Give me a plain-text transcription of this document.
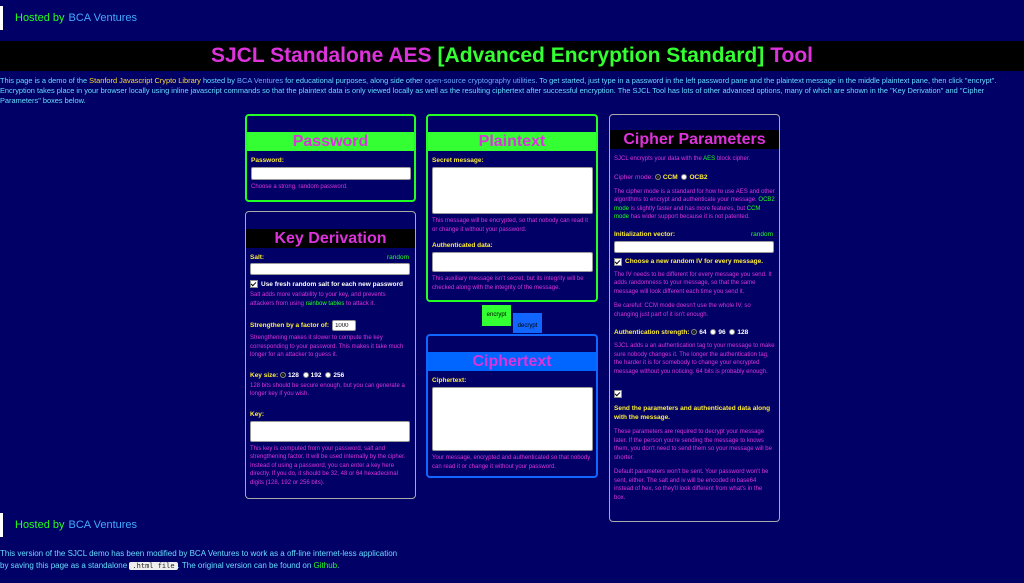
Hosted by BCA Ventures
SJCL Standalone AES [Advanced Encryption Standard] Tool
This page is a demo of the Stanford Javascript Crypto Library hosted by BCA Ventures for educational purposes, along side other open-source cryptography utilities. To get started, just type in a password in the left password pane and the plaintext message in the middle plaintext pane, then click "encrypt". Encryption takes place in your browser locally using inline javascript commands so that the plaintext data is only viewed locally as well as the resulting ciphertext after successful encryption. The SJCL Tool has lots of other advanced options, many of which are shown in the "Key Derivation" and "Cipher Parameters" boxes below.
Password
Password:
Choose a strong, random password.
Key Derivation
Salt:	random
Use fresh random salt for each new password
Salt adds more variability to your key, and prevents attackers from using rainbow tables to attack it.
Strengthen by a factor of:
1000
Strengthening makes it slower to compute the key corresponding to your password. This makes it take much longer for an attacker to guess it.
Key size: 128 192 256
128 bits should be secure enough, but you can generate a longer key if you wish.
Key:
This key is computed from your password, salt and strengthening factor. It will be used internally by the cipher. Instead of using a password, you can enter a key here directly. If you do, it should be 32, 48 or 64 hexadecimal digits (128, 192 or 256 bits).
Plaintext
Secret message:
This message will be encrypted, so that nobody can read it or change it without your password.
Authenticated data:
This auxiliary message isn't secret, but its integrity will be checked along with the integrity of the message.
encrypt
decrypt
Ciphertext
Ciphertext:
Your message, encrypted and authenticated so that nobody can read it or change it without your password.
Cipher Parameters
SJCL encrypts your data with the AES block cipher.
Cipher mode: CCM OCB2
The cipher mode is a standard for how to use AES and other algorithms to encrypt and authenticate your message. OCB2 mode is slightly faster and has more features, but CCM mode has wider support because it is not patented.
Initialization vector:	random
Choose a new random IV for every message.
The IV needs to be different for every message you send. It adds randomness to your message, so that the same message will look different each time you send it.
Be careful: CCM mode doesn't use the whole IV, so changing just part of it isn't enough.
Authentication strength: 64 96 128
SJCL adds a an authentication tag to your message to make sure nobody changes it. The longer the authentication tag, the harder it is for somebody to change your encrypted message without you noticing. 64 bits is probably enough.
Send the parameters and authenticated data along with the message.
These parameters are required to decrypt your message later. If the person you're sending the message to knows them, you don't need to send them so your message will be shorter.
Default parameters won't be sent. Your password won't be sent, either. The salt and iv will be encoded in base64 instead of hex, so they'll look different from what's in the box.
Hosted by BCA Ventures
This version of the SJCL demo has been modified by BCA Ventures to work as a off-line internet-less application
by saving this page as a standalone .html file . The original version can be found on Github.
